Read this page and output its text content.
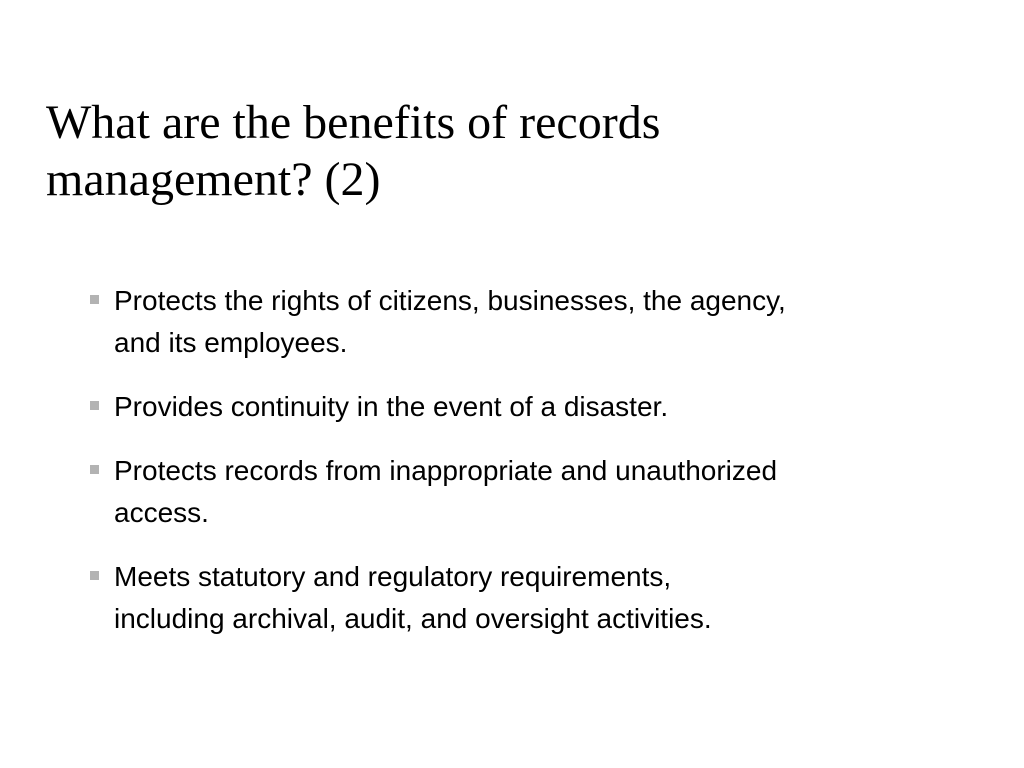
What are the benefits of records
management? (2)
Protects the rights of citizens, businesses, the agency,
and its employees.
Provides continuity in the event of a disaster.
Protects records from inappropriate and unauthorized
access.
Meets statutory and regulatory requirements,
including archival, audit, and oversight activities.
